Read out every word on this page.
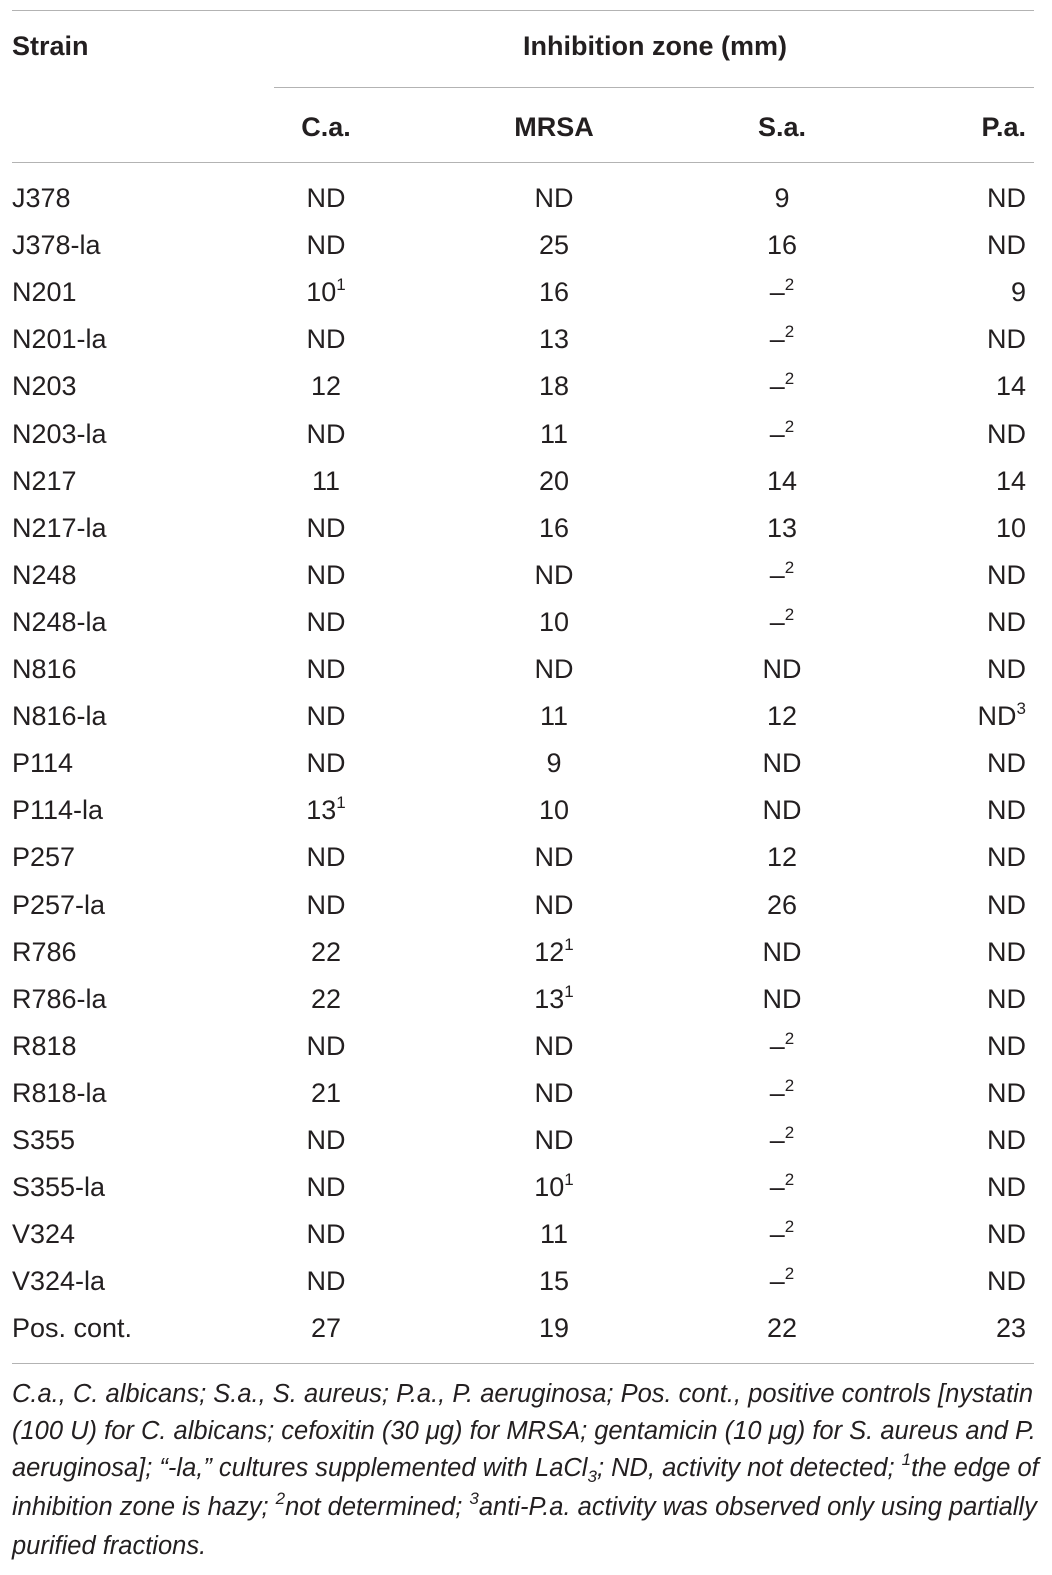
Strain	Inhibition zone (mm)
C.a.	MRSA	S.a.	P.a.
J378	ND	ND	9	ND
J378-la	ND	25	16	ND
N201	$10^1$	16	–$^2$	9
N201-la	ND	13	–$^2$	ND
N203	12	18	–$^2$	14
N203-la	ND	11	–$^2$	ND
N217	11	20	14	14
N217-la	ND	16	13	10
N248	ND	ND	–$^2$	ND
N248-la	ND	10	–$^2$	ND
N816	ND	ND	ND	ND
N816-la	ND	11	12	$ND^3$
P114	ND	9	ND	ND
P114-la	$13^1$	10	ND	ND
P257	ND	ND	12	ND
P257-la	ND	ND	26	ND
R786	22	$12^1$	ND	ND
R786-la	22	$13^1$	ND	ND
R818	ND	ND	–$^2$	ND
R818-la	21	ND	–$^2$	ND
S355	ND	ND	–$^2$	ND
S355-la	ND	$10^1$	–$^2$	ND
V324	ND	11	–$^2$	ND
V324-la	ND	15	–$^2$	ND
Pos. cont.	27	19	22	23
C.a., C. albicans; S.a., S. aureus; P.a., P. aeruginosa; Pos. cont., positive controls [nystatin (100 U) for C. albicans; cefoxitin (30 μg) for MRSA; gentamicin (10 μg) for S. aureus and P. aeruginosa]; “-la,” cultures supplemented with LaCl$_3$; ND, activity not detected; $^1$the edge of inhibition zone is hazy; $^2$not determined; $^3$anti-P.a. activity was observed only using partially purified fractions.
